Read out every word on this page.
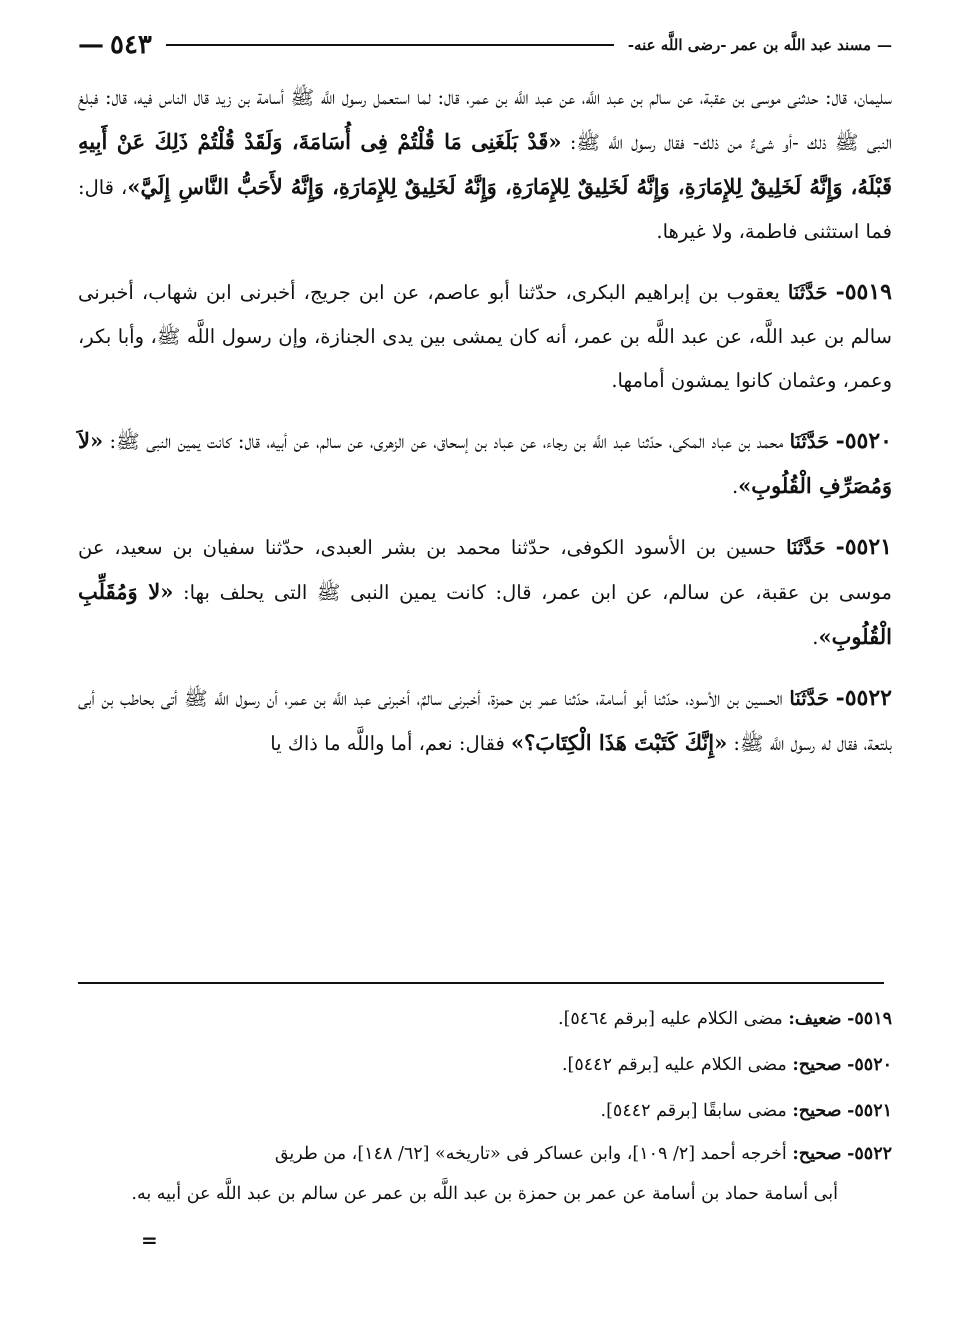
—مسند عبد اللَّه بن عمر -رضى اللَّه عنه-
٥٤٣—

سليمان، قال: حدثنى موسى بن عقبة، عن سالم بن عبد اللَّه، عن عبد اللَّه بن عمر، قال: لما استعمل رسول اللَّه ﷺ أسامة بن زيد قال الناس فيه، قال: فبلغ النبى ﷺ ذلك -أو شىءٌ من ذلك- فقال رسول اللَّه ﷺ: «قَدْ بَلَغَنِى مَا قُلْتُمْ فِى أُسَامَةَ، وَلَقَدْ قُلْتُمْ ذَلِكَ عَنْ أَبِيهِ قَبْلَهُ، وَإِنَّهُ لَخَلِيقٌ لِلإِمَارَةِ، وَإِنَّهُ لَخَلِيقٌ لِلإِمَارَةِ، وَإِنَّهُ لَخَلِيقٌ لِلإِمَارَةِ، وَإِنَّهُ لأَحَبُّ النَّاسِ إِلَيَّ»، قال: فما استثنى فاطمة، ولا غيرها.

٥٥١٩- حَدَّثَنَا يعقوب بن إبراهيم البكرى، حدّثنا أبو عاصم، عن ابن جريج، أخبرنى ابن شهاب، أخبرنى سالم بن عبد اللَّه، عن عبد اللَّه بن عمر، أنه كان يمشى بين يدى الجنازة، وإن رسول اللَّه ﷺ، وأبا بكر، وعمر، وعثمان كانوا يمشون أمامها.

٥٥٢٠- حَدَّثَنَا محمد بن عباد المكى، حدّثنا عبد اللَّه بن رجاء، عن عباد بن إسحاق، عن الزهرى، عن سالم، عن أبيه، قال: كانت يمين النبى ﷺ: «لاَ وَمُصَرِّفِ الْقُلُوبِ».

٥٥٢١- حَدَّثَنَا حسين بن الأسود الكوفى، حدّثنا محمد بن بشر العبدى، حدّثنا سفيان بن سعيد، عن موسى بن عقبة، عن سالم، عن ابن عمر، قال: كانت يمين النبى ﷺ التى يحلف بها: «لا وَمُقَلِّبِ الْقُلُوبِ».

٥٥٢٢- حَدَّثَنَا الحسين بن الأسود، حدّثنا أبو أسامة، حدّثنا عمر بن حمزة، أخبرنى سالمٌ، أخبرنى عبد اللَّه بن عمر، أن رسول اللَّه ﷺ أتى بحاطب بن أبى بلتعة، فقال له رسول اللَّه ﷺ: «إِنَّكَ كَتَبْتَ هَذَا الْكِتَابَ؟» فقال: نعم، أما واللَّه ما ذاك يا

٥٥١٩- ضعيف: مضى الكلام عليه [برقم ٥٤٦٤].

٥٥٢٠- صحيح: مضى الكلام عليه [برقم ٥٤٤٢].

٥٥٢١- صحيح: مضى سابقًا [برقم ٥٤٤٢].

٥٥٢٢- صحيح: أخرجه أحمد [٢/ ١٠٩]، وابن عساكر فى «تاريخه» [٦٢/ ١٤٨]، من طريق
أبى أسامة حماد بن أسامة عن عمر بن حمزة بن عبد اللَّه بن عمر عن سالم بن عبد اللَّه عن أبيه به.

=
